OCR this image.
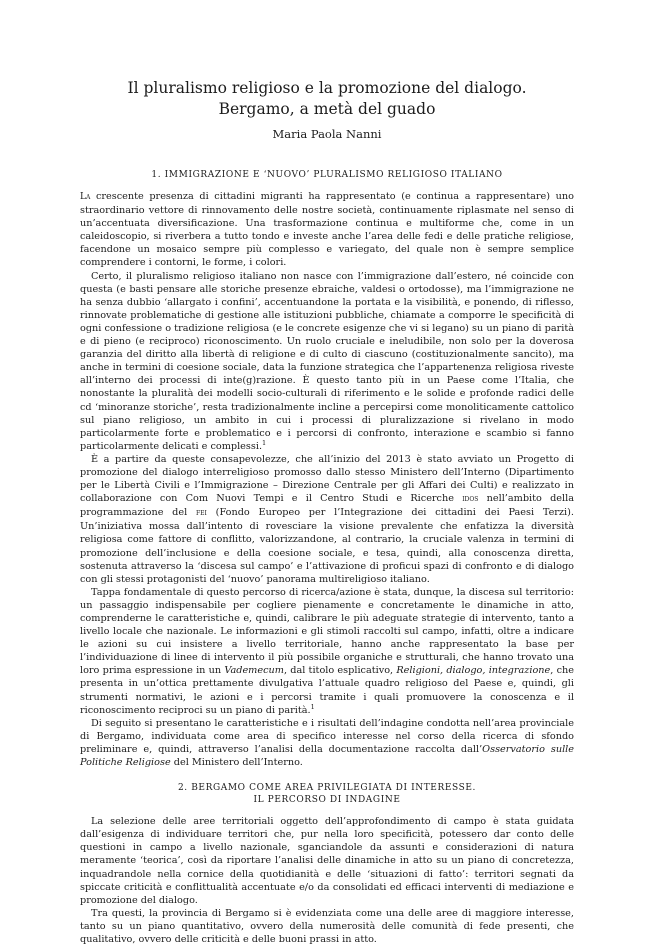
Il pluralismo religioso e la promozione del dialogo.
Bergamo, a metà del guado
Maria Paola Nanni
1. IMMIGRAZIONE E ‘NUOVO’ PLURALISMO RELIGIOSO ITALIANO

La crescente presenza di cittadini migranti ha rappresentato (e continua a rappresentare) uno straordinario vettore di rinnovamento delle nostre società, continuamente riplasmate nel senso di un’accentuata diversificazione. Una trasformazione continua e multiforme che, come in un caleidoscopio, si riverbera a tutto tondo e investe anche l’area delle fedi e delle pratiche religiose, facendone un mosaico sempre più complesso e variegato, del quale non è sempre semplice comprendere i contorni, le forme, i colori.

Certo, il pluralismo religioso italiano non nasce con l’immigrazione dall’estero, né coincide con questa (e basti pensare alle storiche presenze ebraiche, valdesi o ortodosse), ma l’immigrazione ne ha senza dubbio ‘allargato i confini’, accentuandone la portata e la visibilità, e ponendo, di riflesso, rinnovate problematiche di gestione alle istituzioni pubbliche, chiamate a comporre le specificità di ogni confessione o tradizione religiosa (e le concrete esigenze che vi si legano) su un piano di parità e di pieno (e reciproco) riconoscimento. Un ruolo cruciale e ineludibile, non solo per la doverosa garanzia del diritto alla libertà di religione e di culto di ciascuno (costituzionalmente sancito), ma anche in termini di coesione sociale, data la funzione strategica che l’appartenenza religiosa riveste all’interno dei processi di inte(g)razione. È questo tanto più in un Paese come l’Italia, che nonostante la pluralità dei modelli socio-culturali di riferimento e le solide e profonde radici delle cd ‘minoranze storiche’, resta tradizionalmente incline a percepirsi come monoliticamente cattolico sul piano religioso, un ambito in cui i processi di pluralizzazione si rivelano in modo particolarmente forte e problematico e i percorsi di confronto, interazione e scambio si fanno particolarmente delicati e complessi.$^1$

È a partire da queste consapevolezze, che all’inizio del 2013 è stato avviato un Progetto di promozione del dialogo interreligioso promosso dallo stesso Ministero dell’Interno (Dipartimento per le Libertà Civili e l’Immigrazione – Direzione Centrale per gli Affari dei Culti) e realizzato in collaborazione con Com Nuovi Tempi e il Centro Studi e Ricerche idos nell’ambito della programmazione del fei (Fondo Europeo per l’Integrazione dei cittadini dei Paesi Terzi). Un’iniziativa mossa dall’intento di rovesciare la visione prevalente che enfatizza la diversità religiosa come fattore di conflitto, valorizzandone, al contrario, la cruciale valenza in termini di promozione dell’inclusione e della coesione sociale, e tesa, quindi, alla conoscenza diretta, sostenuta attraverso la ‘discesa sul campo’ e l’attivazione di proficui spazi di confronto e di dialogo con gli stessi protagonisti del ‘nuovo’ panorama multireligioso italiano.

Tappa fondamentale di questo percorso di ricerca/azione è stata, dunque, la discesa sul territorio: un passaggio indispensabile per cogliere pienamente e concretamente le dinamiche in atto, comprenderne le caratteristiche e, quindi, calibrare le più adeguate strategie di intervento, tanto a livello locale che nazionale. Le informazioni e gli stimoli raccolti sul campo, infatti, oltre a indicare le azioni su cui insistere a livello territoriale, hanno anche rappresentato la base per l’individuazione di linee di intervento il più possibile organiche e strutturali, che hanno trovato una loro prima espressione in un Vademecum, dal titolo esplicativo, Religioni, dialogo, integrazione, che presenta in un’ottica prettamente divulgativa l’attuale quadro religioso del Paese e, quindi, gli strumenti normativi, le azioni e i percorsi tramite i quali promuovere la conoscenza e il riconoscimento reciproci su un piano di parità.$^1$

Di seguito si presentano le caratteristiche e i risultati dell’indagine condotta nell’area provinciale di Bergamo, individuata come area di specifico interesse nel corso della ricerca di sfondo preliminare e, quindi, attraverso l’analisi della documentazione raccolta dall’Osservatorio sulle Politiche Religiose del Ministero dell’Interno.

2. BERGAMO COME AREA PRIVILEGIATA DI INTERESSE.
IL PERCORSO DI INDAGINE

La selezione delle aree territoriali oggetto dell’approfondimento di campo è stata guidata dall’esigenza di individuare territori che, pur nella loro specificità, potessero dar conto delle questioni in campo a livello nazionale, sganciandole da assunti e considerazioni di natura meramente ‘teorica’, così da riportare l’analisi delle dinamiche in atto su un piano di concretezza, inquadrandole nella cornice della quotidianità e delle ‘situazioni di fatto’: territori segnati da spiccate criticità e conflittualità accentuate e/o da consolidati ed efficaci interventi di mediazione e promozione del dialogo.

Tra questi, la provincia di Bergamo si è evidenziata come una delle aree di maggiore interesse, tanto su un piano quantitativo, ovvero della numerosità delle comunità di fede presenti, che qualitativo, ovvero delle criticità e delle buoni prassi in atto.
